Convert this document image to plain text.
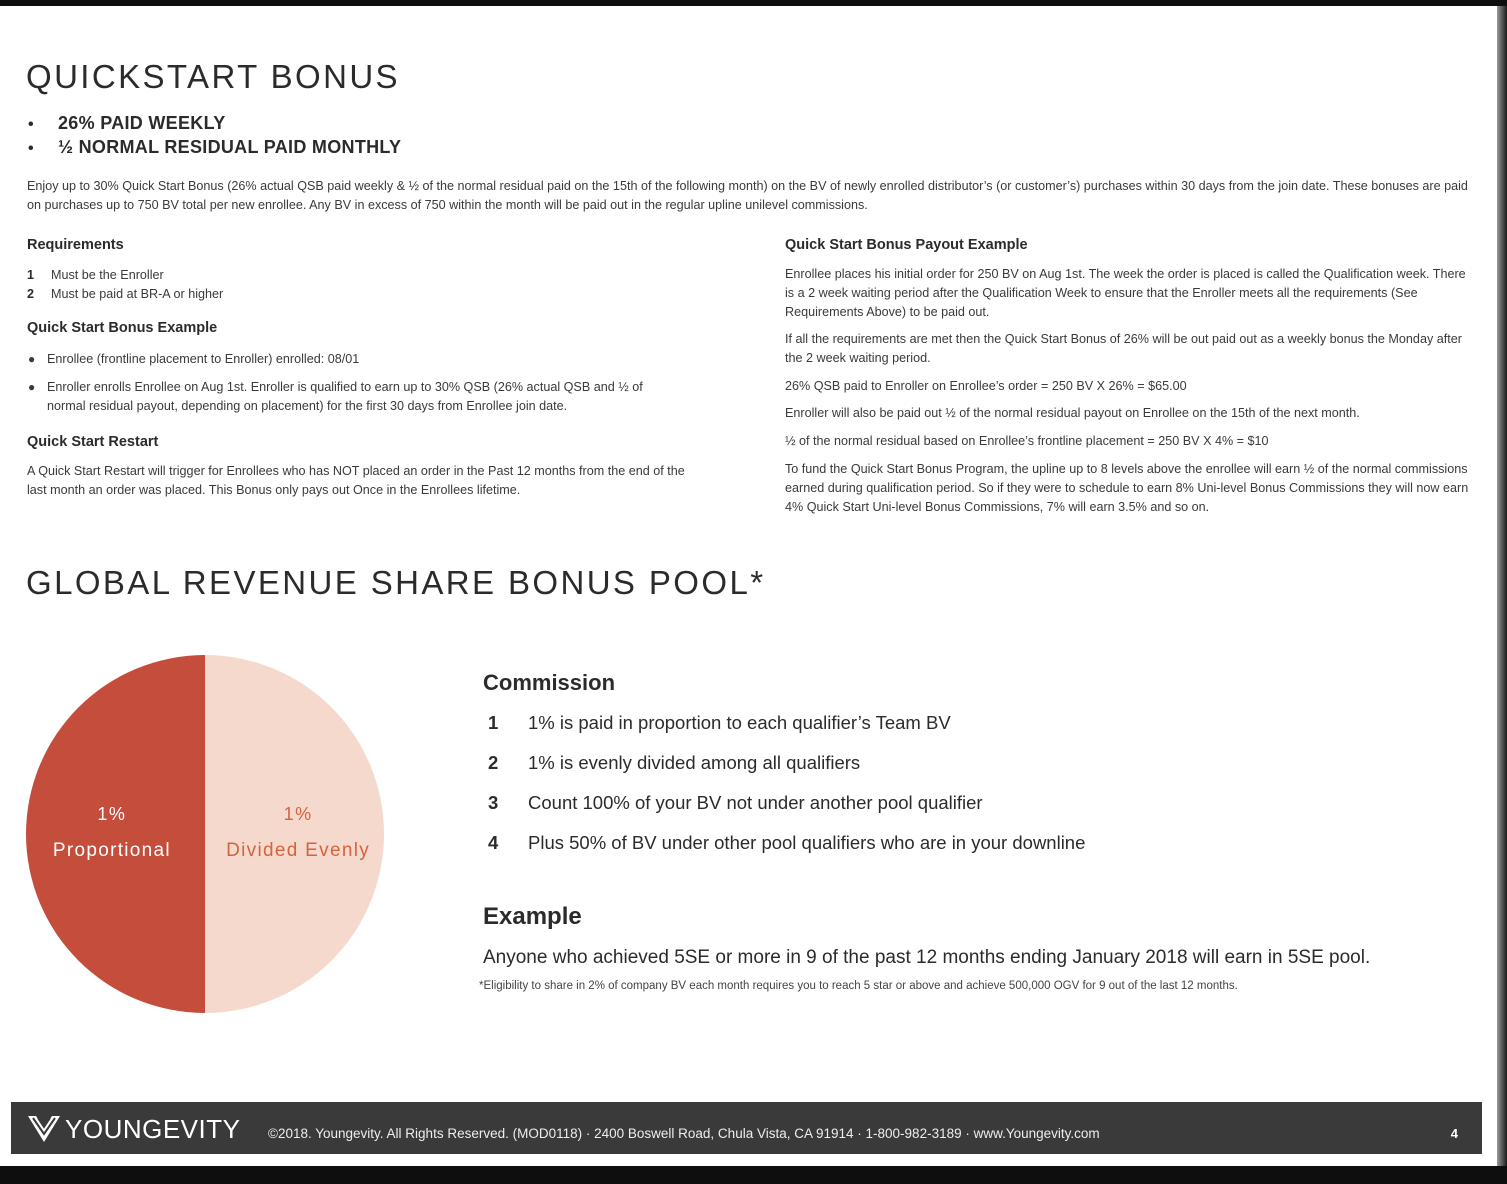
QUICKSTART BONUS
• 26% PAID WEEKLY
• ½ NORMAL RESIDUAL PAID MONTHLY

Enjoy up to 30% Quick Start Bonus (26% actual QSB paid weekly & ½ of the normal residual paid on the 15th of the following month) on the BV of newly enrolled distributor’s (or customer’s) purchases within 30 days from the join date. These bonuses are paid on purchases up to 750 BV total per new enrollee. Any BV in excess of 750 within the month will be paid out in the regular upline unilevel commissions.

Requirements

1 Must be the Enroller
2 Must be paid at BR-A or higher

Quick Start Bonus Example

● Enrollee (frontline placement to Enroller) enrolled: 08/01
● Enroller enrolls Enrollee on Aug 1st. Enroller is qualified to earn up to 30% QSB (26% actual QSB and ½ of normal residual payout, depending on placement) for the first 30 days from Enrollee join date.

Quick Start Restart

A Quick Start Restart will trigger for Enrollees who has NOT placed an order in the Past 12 months from the end of the last month an order was placed. This Bonus only pays out Once in the Enrollees lifetime.

Quick Start Bonus Payout Example

Enrollee places his initial order for 250 BV on Aug 1st. The week the order is placed is called the Qualification week. There is a 2 week waiting period after the Qualification Week to ensure that the Enroller meets all the requirements (See Requirements Above) to be paid out.

If all the requirements are met then the Quick Start Bonus of 26% will be out paid out as a weekly bonus the Monday after the 2 week waiting period.

26% QSB paid to Enroller on Enrollee’s order = 250 BV X 26% = $65.00

Enroller will also be paid out ½ of the normal residual payout on Enrollee on the 15th of the next month.

½ of the normal residual based on Enrollee’s frontline placement = 250 BV X 4% = $10

To fund the Quick Start Bonus Program, the upline up to 8 levels above the enrollee will earn ½ of the normal commissions earned during qualification period. So if they were to schedule to earn 8% Uni-level Bonus Commissions they will now earn 4% Quick Start Uni-level Bonus Commissions, 7% will earn 3.5% and so on.

GLOBAL REVENUE SHARE BONUS POOL*
1%
Proportional
1%
Divided Evenly

Commission

1 1% is paid in proportion to each qualifier’s Team BV
2 1% is evenly divided among all qualifiers
3 Count 100% of your BV not under another pool qualifier
4 Plus 50% of BV under other pool qualifiers who are in your downline

Example

Anyone who achieved 5SE or more in 9 of the past 12 months ending January 2018 will earn in 5SE pool.

*Eligibility to share in 2% of company BV each month requires you to reach 5 star or above and achieve 500,000 OGV for 9 out of the last 12 months.

YOUNGEVITY ©2018. Youngevity. All Rights Reserved. (MOD0118) · 2400 Boswell Road, Chula Vista, CA 91914 · 1-800-982-3189 · www.Youngevity.com	4
